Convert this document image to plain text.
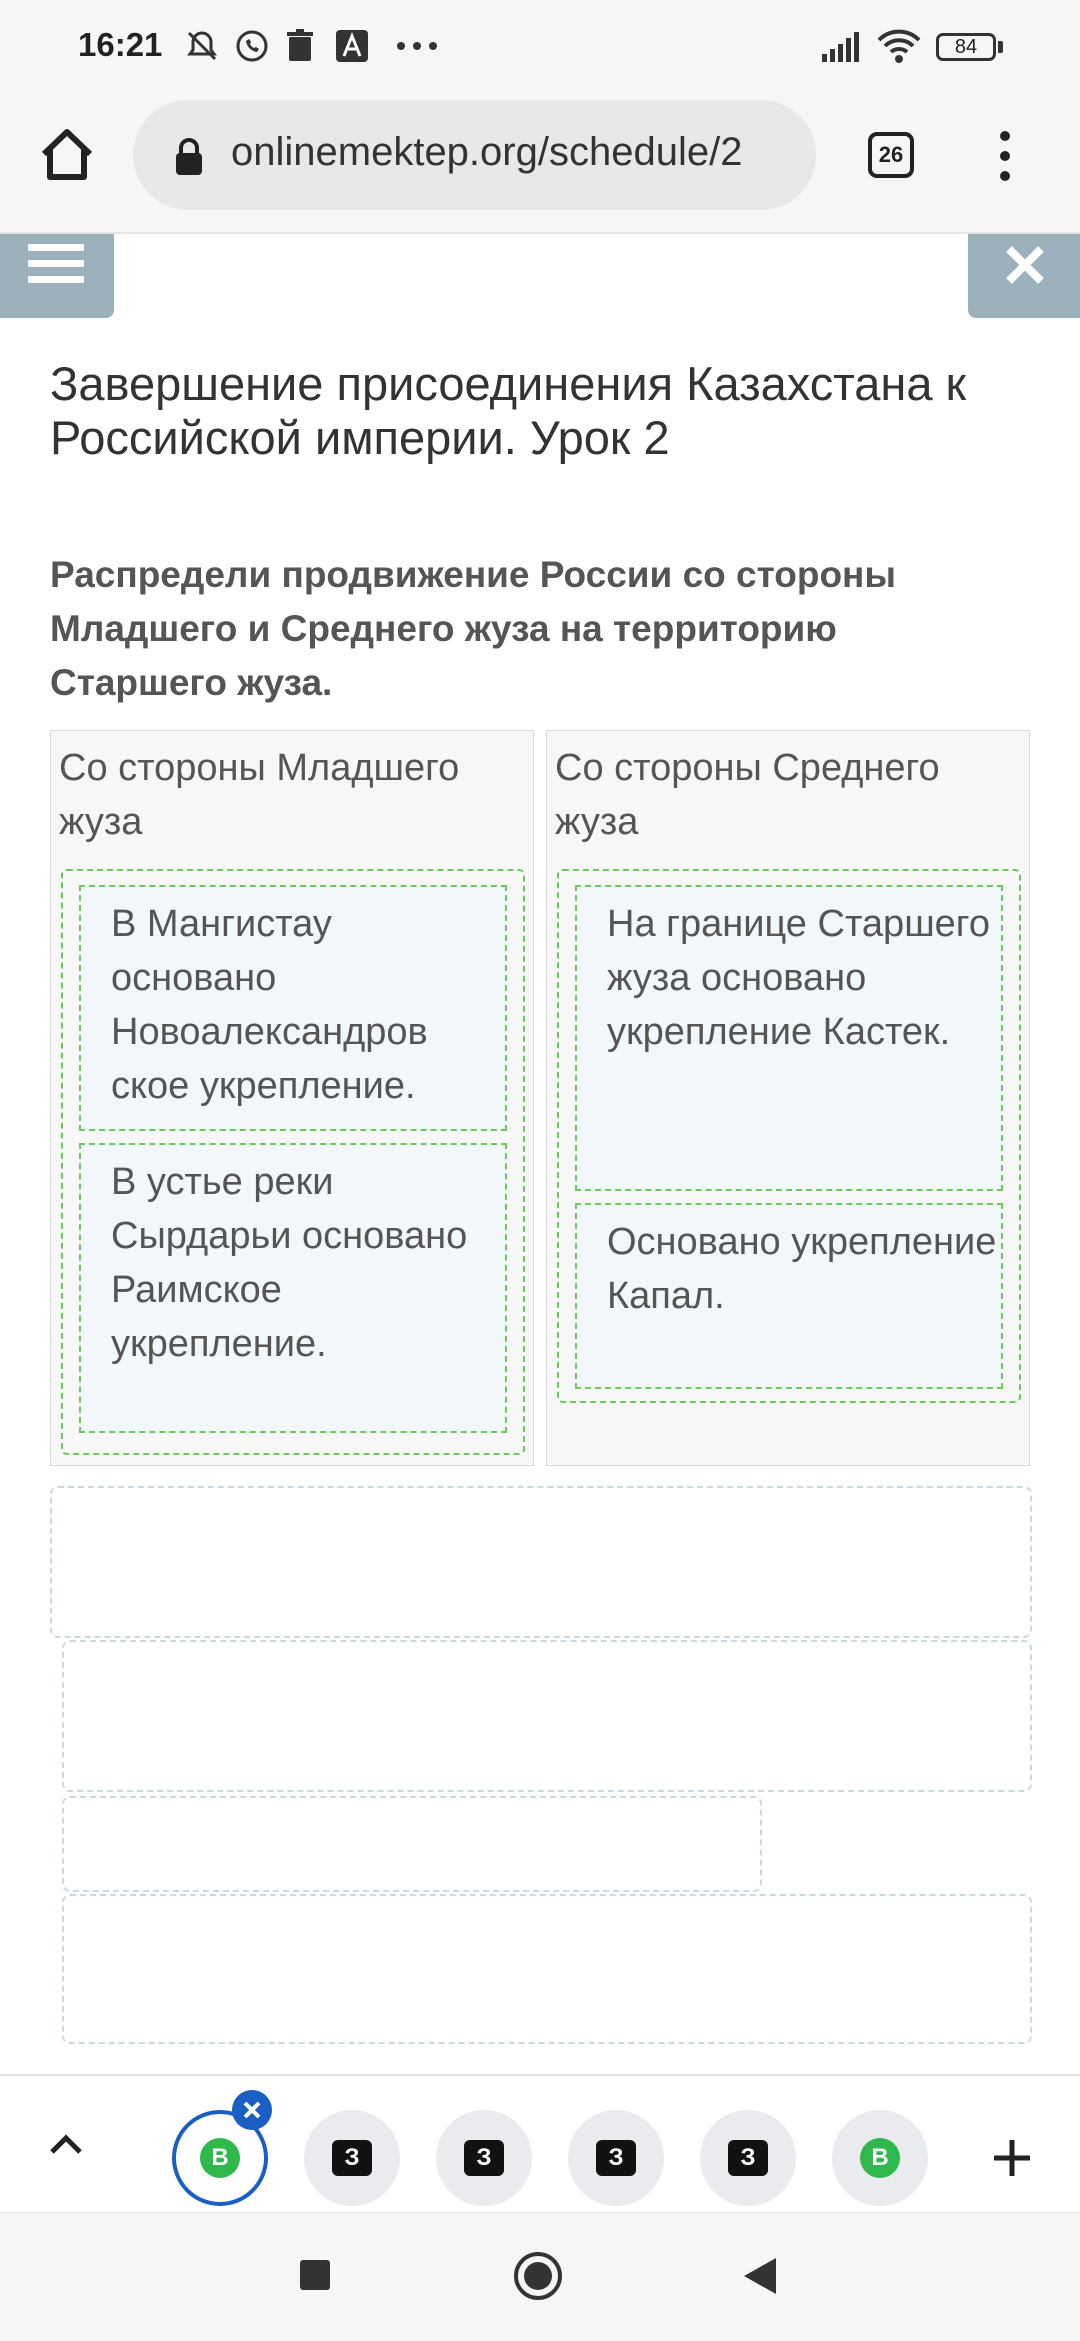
16:21	84
onlinemektep.org/schedule/2	26
Завершение присоединения Казахстана к Российской империи. Урок 2
Распредели продвижение России со стороны Младшего и Среднего жуза на территорию Старшего жуза.
Со стороны Младшего жуза
В Мангистау основано Новоалександров ское укрепление.
В устье реки Сырдарьи основано Раимское укрепление.
Со стороны Среднего жуза
На границе Старшего жуза основано укрепление Кастек.
Основано укрепление Капал.
В	З	З	З	З	В
